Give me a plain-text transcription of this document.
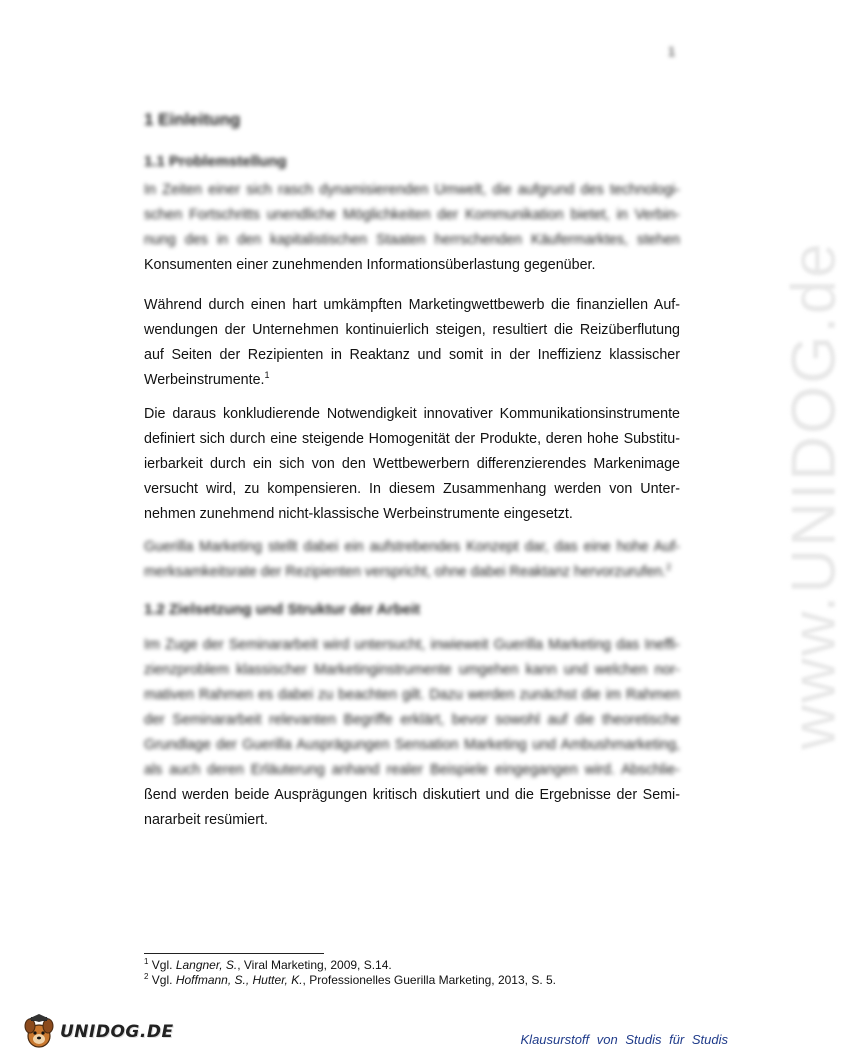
www.UNIDOG.de
1
1 Einleitung
1.1 Problemstellung
In Zeiten einer sich rasch dynamisierenden Umwelt, die aufgrund des technologi-
schen Fortschritts unendliche Möglichkeiten der Kommunikation bietet, in Verbin-
nung des in den kapitalistischen Staaten herrschenden Käufermarktes, stehen
Konsumenten einer zunehmenden Informationsüberlastung gegenüber.
Während durch einen hart umkämpften Marketingwettbewerb die finanziellen Auf-
wendungen der Unternehmen kontinuierlich steigen, resultiert die Reizüberflutung
auf Seiten der Rezipienten in Reaktanz und somit in der Ineffizienz klassischer
Werbeinstrumente.$^1$
Die daraus konkludierende Notwendigkeit innovativer Kommunikationsinstrumente
definiert sich durch eine steigende Homogenität der Produkte, deren hohe Substitu-
ierbarkeit durch ein sich von den Wettbewerbern differenzierendes Markenimage
versucht wird, zu kompensieren. In diesem Zusammenhang werden von Unter-
nehmen zunehmend nicht-klassische Werbeinstrumente eingesetzt.
Guerilla Marketing stellt dabei ein aufstrebendes Konzept dar, das eine hohe Auf-
merksamkeitsrate der Rezipienten verspricht, ohne dabei Reaktanz hervorzurufen.$^2$
1.2 Zielsetzung und Struktur der Arbeit
Im Zuge der Seminararbeit wird untersucht, inwieweit Guerilla Marketing das Ineffi-
zienzproblem klassischer Marketinginstrumente umgehen kann und welchen nor-
mativen Rahmen es dabei zu beachten gilt. Dazu werden zunächst die im Rahmen
der Seminararbeit relevanten Begriffe erklärt, bevor sowohl auf die theoretische
Grundlage der Guerilla Ausprägungen Sensation Marketing und Ambushmarketing,
als auch deren Erläuterung anhand realer Beispiele eingegangen wird. Abschlie-
ßend werden beide Ausprägungen kritisch diskutiert und die Ergebnisse der Semi-
nararbeit resümiert.
$^1$ Vgl. Langner, S., Viral Marketing, 2009, S.14.
$^2$ Vgl. Hoffmann, S., Hutter, K., Professionelles Guerilla Marketing, 2013, S. 5.
UNIDOG.DE	Klausurstoff von Studis für Studis
